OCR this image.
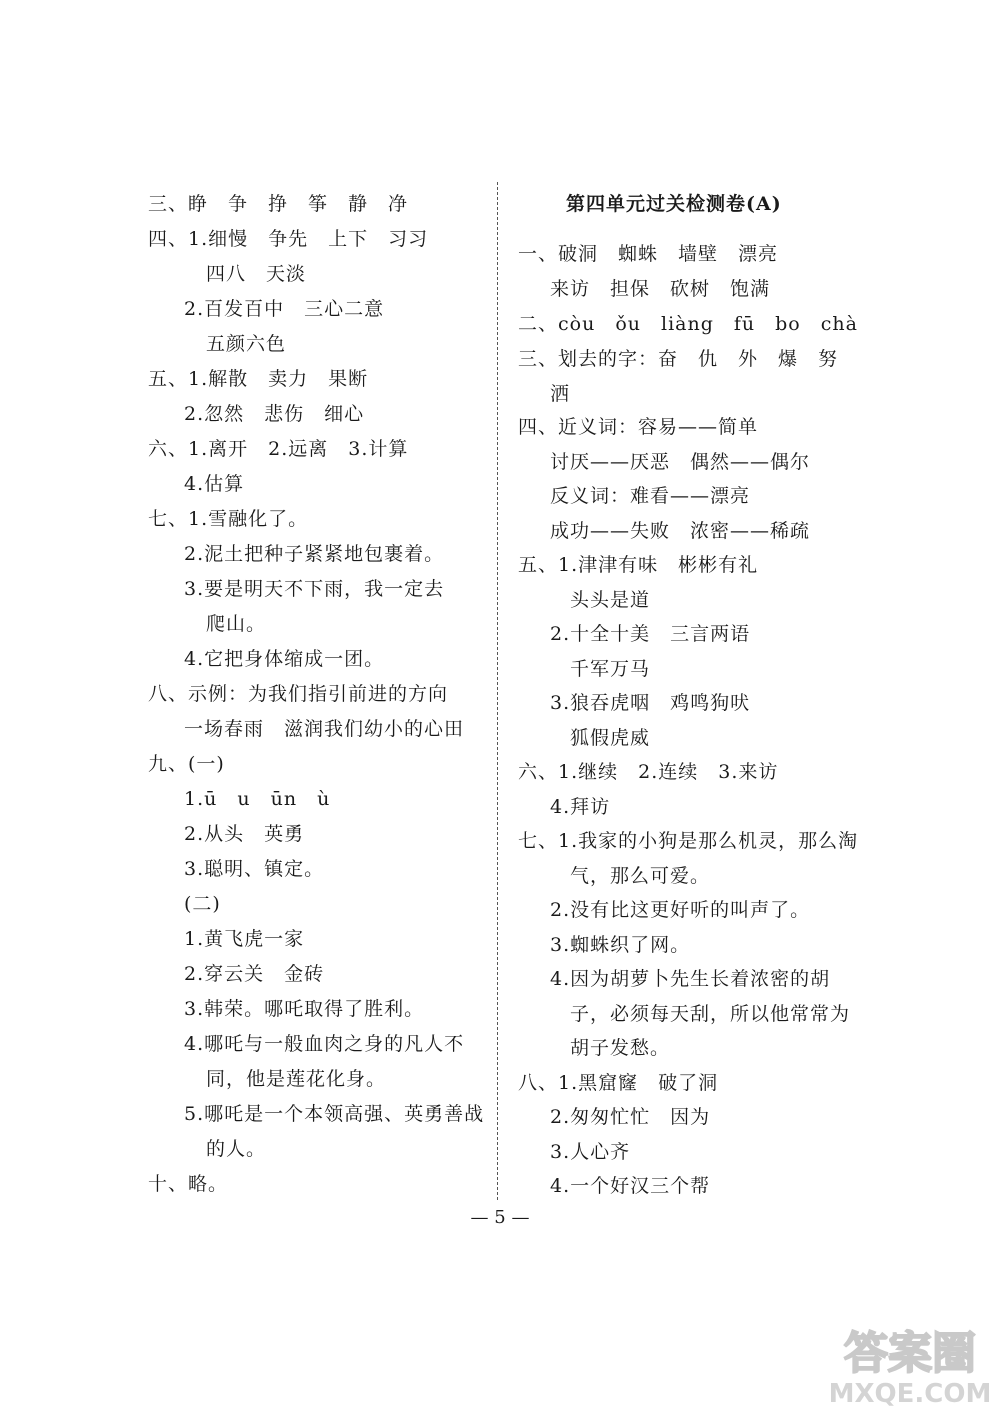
三、睁　争　挣　筝　静　净
四、1.细慢　争先　上下　习习
四八　天淡
2.百发百中　三心二意
五颜六色
五、1.解散　卖力　果断
2.忽然　悲伤　细心
六、1.离开　2.远离　3.计算
4.估算
七、1.雪融化了。
2.泥土把种子紧紧地包裹着。
3.要是明天不下雨，我一定去
爬山。
4.它把身体缩成一团。
八、示例：为我们指引前进的方向
一场春雨　滋润我们幼小的心田
九、(一)
1.ū　u　ūn　ù
2.从头　英勇
3.聪明、镇定。
(二)
1.黄飞虎一家
2.穿云关　金砖
3.韩荣。哪吒取得了胜利。
4.哪吒与一般血肉之身的凡人不
同，他是莲花化身。
5.哪吒是一个本领高强、英勇善战
的人。
十、略。
第四单元过关检测卷(A)
一、破洞　蜘蛛　墙壁　漂亮
来访　担保　砍树　饱满
二、còu　ǒu　liàng　fū　bo　chà
三、划去的字：奋　仇　外　爆　努
洒
四、近义词：容易——简单
讨厌——厌恶　偶然——偶尔
反义词：难看——漂亮
成功——失败　浓密——稀疏
五、1.津津有味　彬彬有礼
头头是道
2.十全十美　三言两语
千军万马
3.狼吞虎咽　鸡鸣狗吠
狐假虎威
六、1.继续　2.连续　3.来访
4.拜访
七、1.我家的小狗是那么机灵，那么淘
气，那么可爱。
2.没有比这更好听的叫声了。
3.蜘蛛织了网。
4.因为胡萝卜先生长着浓密的胡
子，必须每天刮，所以他常常为
胡子发愁。
八、1.黑窟窿　破了洞
2.匆匆忙忙　因为
3.人心齐
4.一个好汉三个帮
— 5 —
答案圈
MXQE.COM
